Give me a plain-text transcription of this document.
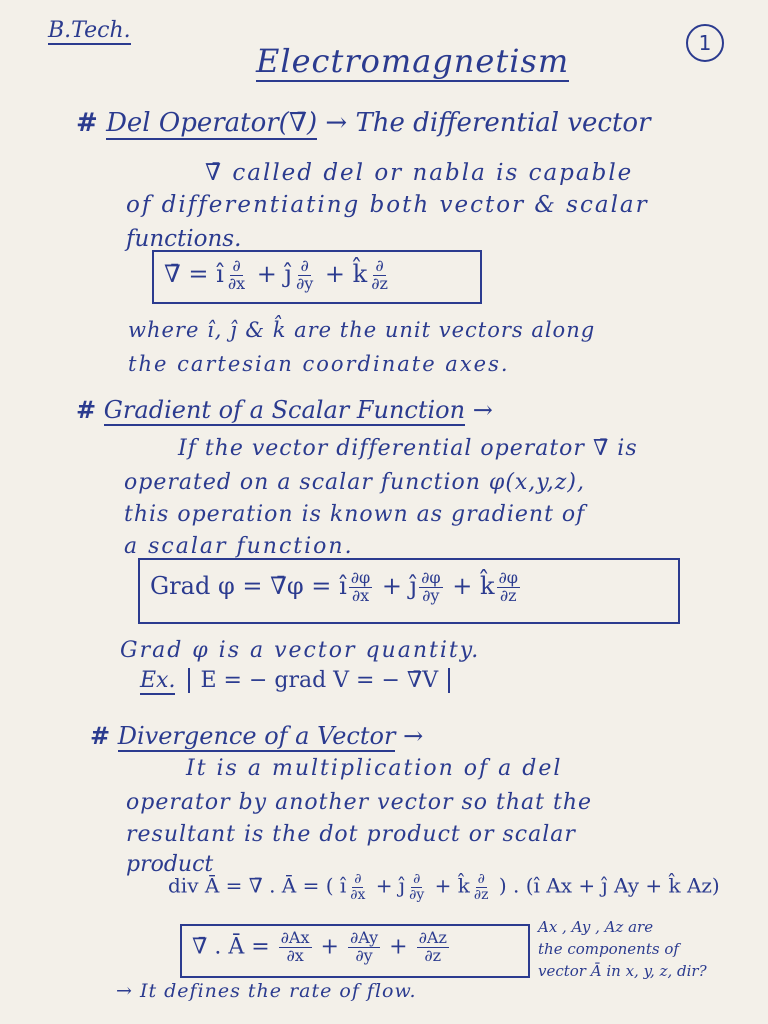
B.Tech.	1
Electromagnetism
# Del Operator(∇̄) → The differential vector
∇̄ called del or nabla is capable
of differentiating both vector & scalar
functions.
∇̄ = î $\frac{\partial}{\partial x}$ + ĵ $\frac{\partial}{\partial y}$ + k̂ $\frac{\partial}{\partial z}$
where î, ĵ & k̂ are the unit vectors along
the cartesian coordinate axes.
# Gradient of a Scalar Function →
If the vector differential operator ∇̄ is
operated on a scalar function φ(x,y,z),
this operation is known as gradient of
a scalar function.
Grad φ = ∇̄φ = î $\frac{\partial\varphi}{\partial x}$ + ĵ $\frac{\partial\varphi}{\partial y}$ + k̂ $\frac{\partial\varphi}{\partial z}$
Grad φ is a vector quantity.
Ex. E = − grad V = − ∇̄V
# Divergence of a Vector →
It is a multiplication of a del
operator by another vector so that the
resultant is the dot product or scalar
product
div Ā = ∇̄ . Ā = ( î $\frac{\partial}{\partial x}$ + ĵ $\frac{\partial}{\partial y}$ + k̂ $\frac{\partial}{\partial z}$ ) . (î Ax + ĵ Ay + k̂ Az)
∇̄ . Ā = $\frac{\partial Ax}{\partial x} + \frac{\partial Ay}{\partial y} + \frac{\partial Az}{\partial z}$
Ax , Ay , Az are
the components of
vector Ā in x, y, z, dir?
→ It defines the rate of flow.
